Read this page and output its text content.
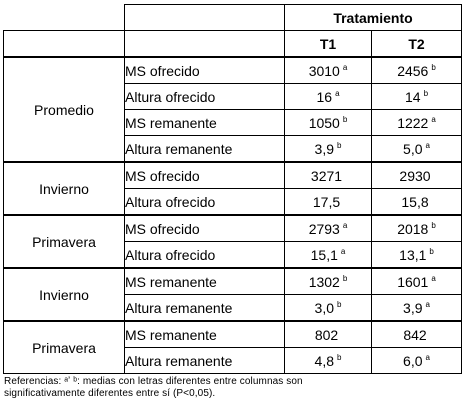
		Tratamiento	
		T1	T2
Promedio	MS ofrecido	3010 $^a$	2456 $^b$
	Altura ofrecido	16 $^a$	14 $^b$
	MS remanente	1050 $^b$	1222 $^a$
	Altura remanente	3,9 $^b$	5,0 $^a$
Invierno	MS ofrecido	3271	2930
	Altura ofrecido	17,5	15,8
Primavera	MS ofrecido	2793 $^a$	2018 $^b$
	Altura ofrecido	15,1 $^a$	13,1 $^b$
Invierno	MS remanente	1302 $^b$	1601 $^a$
	Altura remanente	3,0 $^b$	3,9 $^a$
Primavera	MS remanente	802	842
	Altura remanente	4,8 $^b$	6,0 $^a$
Referencias: ᵃʼ ᵇ: medias con letras diferentes entre columnas son
significativamente diferentes entre sí (P<0,05).
